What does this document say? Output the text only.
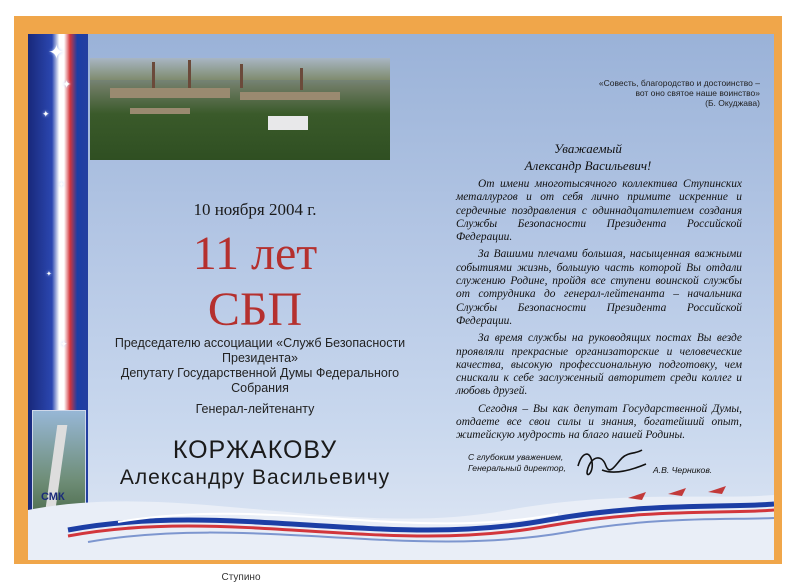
✦
✦
✦
✦
✦
✦
СМК
10 ноября 2004 г.
11 лет
СБП
Председателю ассоциации «Служб Безопасности
Президента»
Депутату Государственной Думы Федерального
Собрания
Генерал-лейтенанту
КОРЖАКОВУ
Александру Васильевичу
«Совесть, благородство и достоинство –
вот оно святое наше воинство»
(Б. Окуджава)
Уважаемый
Александр Васильевич!

От имени многотысячного коллектива Ступинских металлургов и от себя лично примите искренние и сердечные поздравления с одиннадцатилетием создания Службы Безопасности Президента Российской Федерации.

За Вашими плечами большая, насыщенная важными событиями жизнь, большую часть которой Вы отдали служению Родине, пройдя все ступени воинской службы от сотрудника до генерал-лейтенанта – начальника Службы Безопасности Президента Российской Федерации.

За время службы на руководящих постах Вы везде проявляли прекрасные организаторские и человеческие качества, высокую профессиональную подготовку, чем снискали к себе заслуженный авторитет среди коллег и любовь друзей.

Сегодня – Вы как депутат Государственной Думы, отдаете все свои силы и знания, богатейший опыт, житейскую мудрость на благо нашей Родины.

С глубоким уважением,
Генеральный директор,	А.В. Черников.
Ступино
